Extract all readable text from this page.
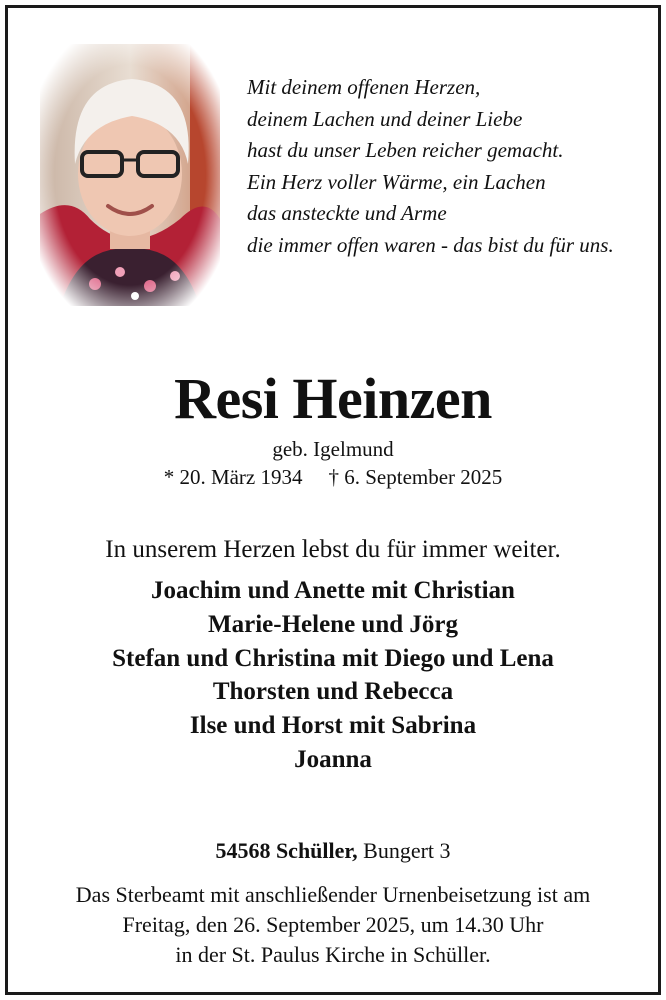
Mit deinem offenen Herzen,
deinem Lachen und deiner Liebe
hast du unser Leben reicher gemacht.
Ein Herz voller Wärme, ein Lachen
das ansteckte und Arme
die immer offen waren - das bist du für uns.
Resi Heinzen
geb. Igelmund
* 20. März 1934 † 6. September 2025
In unserem Herzen lebst du für immer weiter.
Joachim und Anette mit Christian
Marie-Helene und Jörg
Stefan und Christina mit Diego und Lena
Thorsten und Rebecca
Ilse und Horst mit Sabrina
Joanna
54568 Schüller, Bungert 3
Das Sterbeamt mit anschließender Urnenbeisetzung ist am
Freitag, den 26. September 2025, um 14.30 Uhr
in der St. Paulus Kirche in Schüller.
